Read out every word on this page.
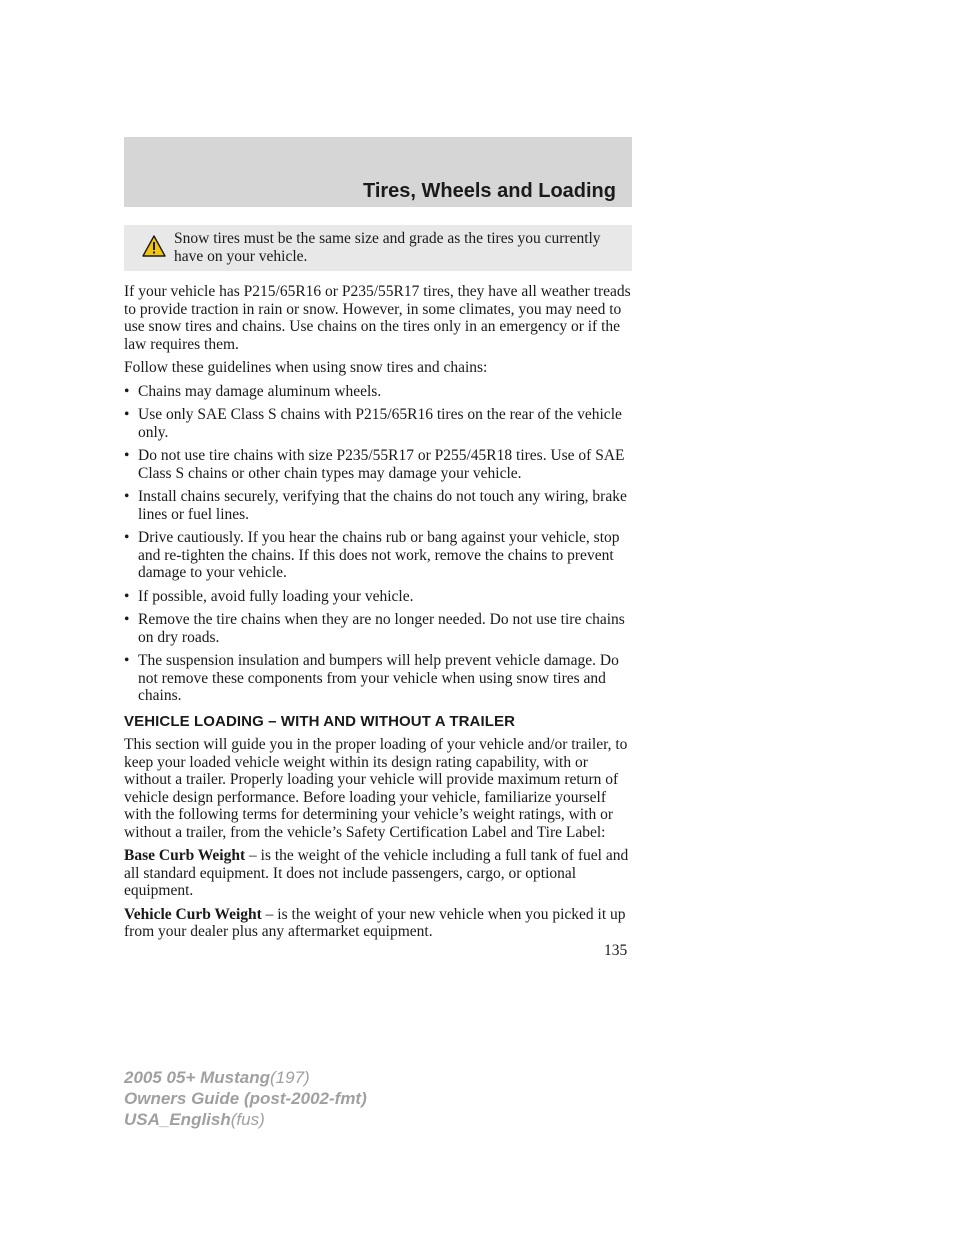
Tires, Wheels and Loading
Snow tires must be the same size and grade as the tires you currently have on your vehicle.

If your vehicle has P215/65R16 or P235/55R17 tires, they have all weather treads to provide traction in rain or snow. However, in some climates, you may need to use snow tires and chains. Use chains on the tires only in an emergency or if the law requires them.

Follow these guidelines when using snow tires and chains:

• Chains may damage aluminum wheels.
• Use only SAE Class S chains with P215/65R16 tires on the rear of the vehicle only.
• Do not use tire chains with size P235/55R17 or P255/45R18 tires. Use of SAE Class S chains or other chain types may damage your vehicle.
• Install chains securely, verifying that the chains do not touch any wiring, brake lines or fuel lines.
• Drive cautiously. If you hear the chains rub or bang against your vehicle, stop and re-tighten the chains. If this does not work, remove the chains to prevent damage to your vehicle.
• If possible, avoid fully loading your vehicle.
• Remove the tire chains when they are no longer needed. Do not use tire chains on dry roads.
• The suspension insulation and bumpers will help prevent vehicle damage. Do not remove these components from your vehicle when using snow tires and chains.
VEHICLE LOADING – WITH AND WITHOUT A TRAILER

This section will guide you in the proper loading of your vehicle and/or trailer, to keep your loaded vehicle weight within its design rating capability, with or without a trailer. Properly loading your vehicle will provide maximum return of vehicle design performance. Before loading your vehicle, familiarize yourself with the following terms for determining your vehicle’s weight ratings, with or without a trailer, from the vehicle’s Safety Certification Label and Tire Label:

Base Curb Weight – is the weight of the vehicle including a full tank of fuel and all standard equipment. It does not include passengers, cargo, or optional equipment.

Vehicle Curb Weight – is the weight of your new vehicle when you picked it up from your dealer plus any aftermarket equipment.

135
2005 05+ Mustang(197)
Owners Guide (post-2002-fmt)
USA_English(fus)
